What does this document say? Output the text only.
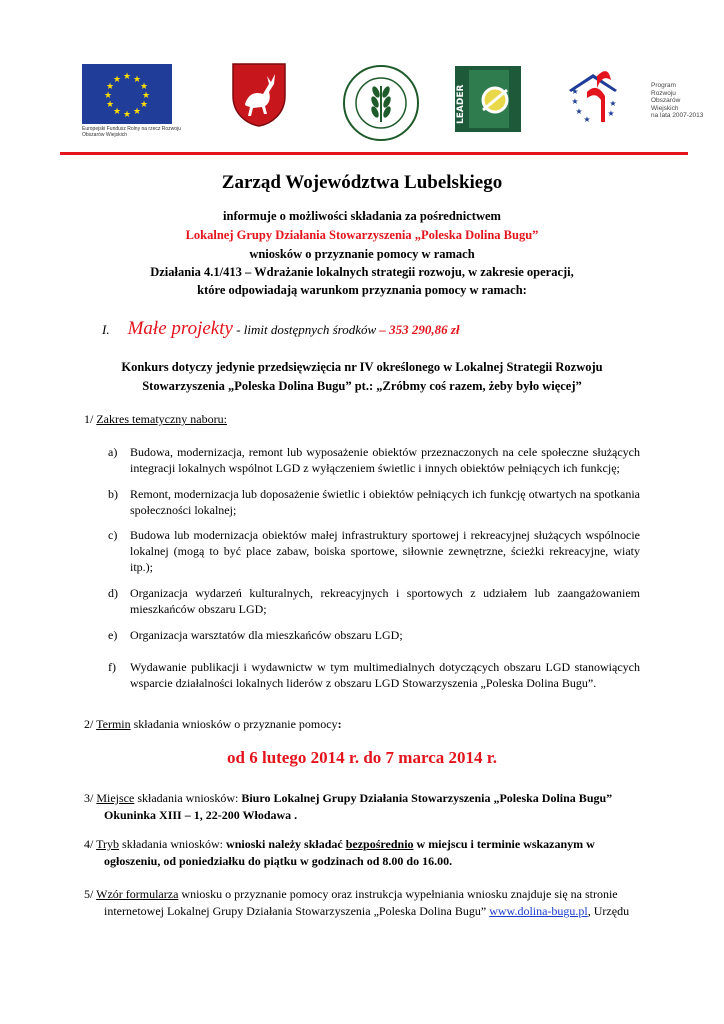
★ ★
★
★
★
★
★
★
★
★
★
★
Europejski Fundusz Rolny na rzecz Rozwoju Obszarów Wiejskich
LEADER	★
★
★
★
★
★
Program
Rozwoju
Obszarów
Wiejskich
na lata 2007-2013
Zarząd Województwa Lubelskiego
informuje o możliwości składania za pośrednictwem
Lokalnej Grupy Działania Stowarzyszenia „Poleska Dolina Bugu”
wniosków o przyznanie pomocy w ramach
Działania 4.1/413 – Wdrażanie lokalnych strategii rozwoju, w zakresie operacji,
które odpowiadają warunkom przyznania pomocy w ramach:
I. Małe projekty - limit dostępnych środków – 353 290,86 zł
Konkurs dotyczy jedynie przedsięwzięcia nr IV określonego w Lokalnej Strategii Rozwoju
Stowarzyszenia „Poleska Dolina Bugu” pt.: „Zróbmy coś razem, żeby było więcej”
1/ Zakres tematyczny naboru:
a) Budowa, modernizacja, remont lub wyposażenie obiektów przeznaczonych na cele społeczne służących integracji lokalnych wspólnot LGD z wyłączeniem świetlic i innych obiektów pełniących ich funkcję;
b) Remont, modernizacja lub doposażenie świetlic i obiektów pełniących ich funkcję otwartych na spotkania społeczności lokalnej;
c) Budowa lub modernizacja obiektów małej infrastruktury sportowej i rekreacyjnej służących wspólnocie lokalnej (mogą to być place zabaw, boiska sportowe, siłownie zewnętrzne, ścieżki rekreacyjne, wiaty itp.);
d) Organizacja wydarzeń kulturalnych, rekreacyjnych i sportowych z udziałem lub zaangażowaniem mieszkańców obszaru LGD;
e) Organizacja warsztatów dla mieszkańców obszaru LGD;
f) Wydawanie publikacji i wydawnictw w tym multimedialnych dotyczących obszaru LGD stanowiących wsparcie działalności lokalnych liderów z obszaru LGD Stowarzyszenia „Poleska Dolina Bugu”.
2/ Termin składania wniosków o przyznanie pomocy:
od 6 lutego 2014 r. do 7 marca 2014 r.
3/ Miejsce składania wniosków: Biuro Lokalnej Grupy Działania Stowarzyszenia „Poleska Dolina Bugu”
Okuninka XIII – 1, 22-200 Włodawa .
4/ Tryb składania wniosków: wnioski należy składać bezpośrednio w miejscu i terminie wskazanym w
ogłoszeniu, od poniedziałku do piątku w godzinach od 8.00 do 16.00.
5/ Wzór formularza wniosku o przyznanie pomocy oraz instrukcja wypełniania wniosku znajduje się na stronie
internetowej Lokalnej Grupy Działania Stowarzyszenia „Poleska Dolina Bugu” www.dolina-bugu.pl, Urzędu
